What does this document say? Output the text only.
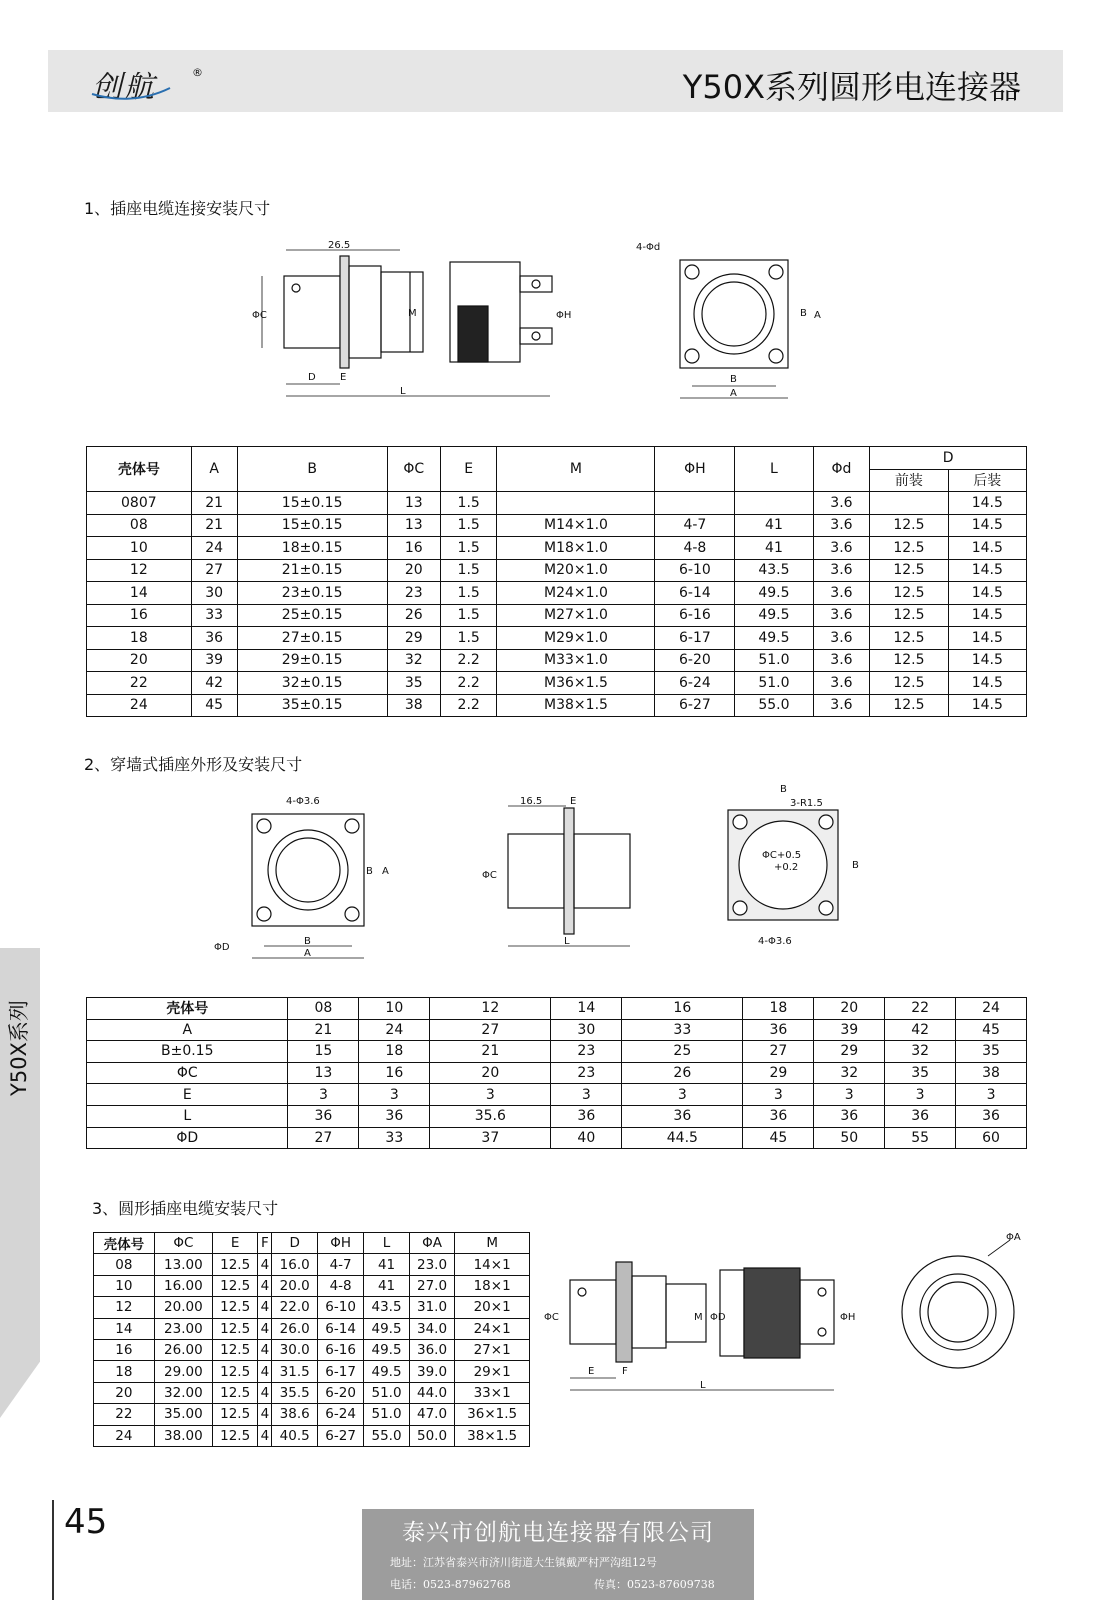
创航	®	Y50X系列圆形电连接器
1、插座电缆连接安装尺寸
26.5
ΦC	M
D E
L
ΦH
4-Φd
B A
B
A
壳体号	A	B	ΦC	E	M	ΦH	L	Φd	D	
									前装	后装
0807	21	15±0.15	13	1.5				3.6		14.5
08	21	15±0.15	13	1.5	M14×1.0	4-7	41	3.6	12.5	14.5
10	24	18±0.15	16	1.5	M18×1.0	4-8	41	3.6	12.5	14.5
12	27	21±0.15	20	1.5	M20×1.0	6-10	43.5	3.6	12.5	14.5
14	30	23±0.15	23	1.5	M24×1.0	6-14	49.5	3.6	12.5	14.5
16	33	25±0.15	26	1.5	M27×1.0	6-16	49.5	3.6	12.5	14.5
18	36	27±0.15	29	1.5	M29×1.0	6-17	49.5	3.6	12.5	14.5
20	39	29±0.15	32	2.2	M33×1.0	6-20	51.0	3.6	12.5	14.5
22	42	32±0.15	35	2.2	M36×1.5	6-24	51.0	3.6	12.5	14.5
24	45	35±0.15	38	2.2	M38×1.5	6-27	55.0	3.6	12.5	14.5
2、穿墙式插座外形及安装尺寸
4-Φ3.6
B A
ΦD
B
A
16.5	E
ΦC
L
B
3-R1.5
ΦC+0.5
+0.2	B
4-Φ3.6
壳体号	08	10	12	14	16	18	20	22	24
A	21	24	27	30	33	36	39	42	45
B±0.15	15	18	21	23	25	27	29	32	35
ΦC	13	16	20	23	26	29	32	35	38
E	3	3	3	3	3	3	3	3	3
L	36	36	35.6	36	36	36	36	36	36
ΦD	27	33	37	40	44.5	45	50	55	60
3、圆形插座电缆安装尺寸
壳体号	ΦC	E	F	D	ΦH	L	ΦA	M
08	13.00	12.5	4	16.0	4-7	41	23.0	14×1
10	16.00	12.5	4	20.0	4-8	41	27.0	18×1
12	20.00	12.5	4	22.0	6-10	43.5	31.0	20×1
14	23.00	12.5	4	26.0	6-14	49.5	34.0	24×1
16	26.00	12.5	4	30.0	6-16	49.5	36.0	27×1
18	29.00	12.5	4	31.5	6-17	49.5	39.0	29×1
20	32.00	12.5	4	35.5	6-20	51.0	44.0	33×1
22	35.00	12.5	4	38.6	6-24	51.0	47.0	36×1.5
24	38.00	12.5	4	40.5	6-27	55.0	50.0	38×1.5
ΦC	M ΦD	ΦH
E	F
L
ΦA
Y50X系列
45	泰兴市创航电连接器有限公司
地址：江苏省泰兴市济川街道大生镇戴严村严沟组12号
电话：0523-87962768	传真：0523-87609738
